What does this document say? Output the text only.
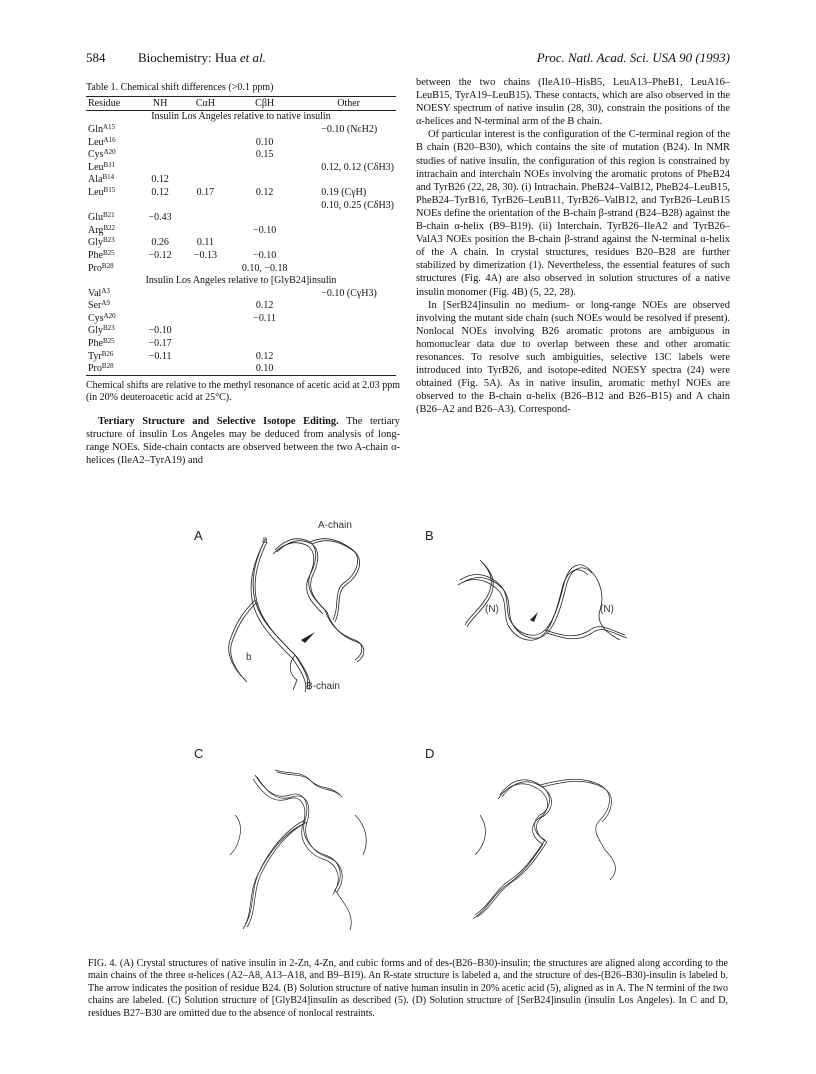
584	Biochemistry: Hua et al.	Proc. Natl. Acad. Sci. USA 90 (1993)
Table 1. Chemical shift differences (>0.1 ppm)
Residue	NH	CαH	CβH	Other
Insulin Los Angeles relative to native insulin				
Gln$^{A15}$				−0.10 (NεH2)
Leu$^{A16}$			0.10	
Cys$^{A20}$			0.15	
Leu$^{B11}$				0.12, 0.12 (CδH3)
Ala$^{B14}$	0.12			
Leu$^{B15}$	0.12	0.17	0.12	0.19 (CγH)
				0.10, 0.25 (CδH3)
Glu$^{B21}$	−0.43			
Arg$^{B22}$			−0.10	
Gly$^{B23}$	0.26	0.11		
Phe$^{B25}$	−0.12	−0.13	−0.10	
Pro$^{B28}$			0.10, −0.18	
Insulin Los Angeles relative to [GlyB24]insulin				
Val$^{A3}$				−0.10 (CγH3)
Ser$^{A9}$			0.12	
Cys$^{A20}$			−0.11	
Gly$^{B23}$	−0.10			
Phe$^{B25}$	−0.17			
Tyr$^{B26}$	−0.11		0.12	
Pro$^{B28}$			0.10	
Chemical shifts are relative to the methyl resonance of acetic acid at 2.03 ppm (in 20% deuteroacetic acid at 25°C).

Tertiary Structure and Selective Isotope Editing. The tertiary structure of insulin Los Angeles may be deduced from analysis of long-range NOEs. Side-chain contacts are observed between the two A-chain α-helices (IleA2–TyrA19) and

between the two chains (IleA10–HisB5, LeuA13–PheB1, LeuA16–LeuB15, TyrA19–LeuB15). These contacts, which are also observed in the NOESY spectrum of native insulin (28, 30), constrain the positions of the α-helices and N-terminal arm of the B chain.

Of particular interest is the configuration of the C-terminal region of the B chain (B20–B30), which contains the site of mutation (B24). In NMR studies of native insulin, the configuration of this region is constrained by intrachain and interchain NOEs involving the aromatic protons of PheB24 and TyrB26 (22, 28, 30). (i) Intrachain. PheB24–ValB12, PheB24–LeuB15, PheB24–TyrB16, TyrB26–LeuB11, TyrB26–ValB12, and TyrB26–LeuB15 NOEs define the orientation of the B-chain β-strand (B24–B28) against the B-chain α-helix (B9–B19). (ii) Interchain. TyrB26–IleA2 and TyrB26–ValA3 NOEs position the B-chain β-strand against the N-terminal α-helix of the A chain. In crystal structures, residues B20–B28 are further stabilized by dimerization (1). Nevertheless, the essential features of such structures (Fig. 4A) are also observed in solution structures of a native insulin monomer (Fig. 4B) (5, 22, 28).

In [SerB24]insulin no medium- or long-range NOEs are observed involving the mutant side chain (such NOEs would be resolved if present). Nonlocal NOEs involving B26 aromatic protons are ambiguous in homonuclear data due to overlap between these and other aromatic resonances. To resolve such ambiguities, selective 13C labels were introduced into TyrB26, and isotope-edited NOESY spectra (24) were obtained (Fig. 5A). As in native insulin, aromatic methyl NOEs are observed to the B-chain α-helix (B26–B12 and B26–B15) and A chain (B26–A2 and B26–A3). Correspond-

A	B
C	D
A-chain
B-chain
a
b
(N)	(N)
FIG. 4. (A) Crystal structures of native insulin in 2-Zn, 4-Zn, and cubic forms and of des-(B26–B30)-insulin; the structures are aligned along according to the main chains of the three α-helices (A2–A8, A13–A18, and B9–B19). An R-state structure is labeled a, and the structure of des-(B26–B30)-insulin is labeled b. The arrow indicates the position of residue B24. (B) Solution structure of native human insulin in 20% acetic acid (5), aligned as in A. The N termini of the two chains are labeled. (C) Solution structure of [GlyB24]insulin as described (5). (D) Solution structure of [SerB24]insulin (insulin Los Angeles). In C and D, residues B27–B30 are omitted due to the absence of nonlocal restraints.
